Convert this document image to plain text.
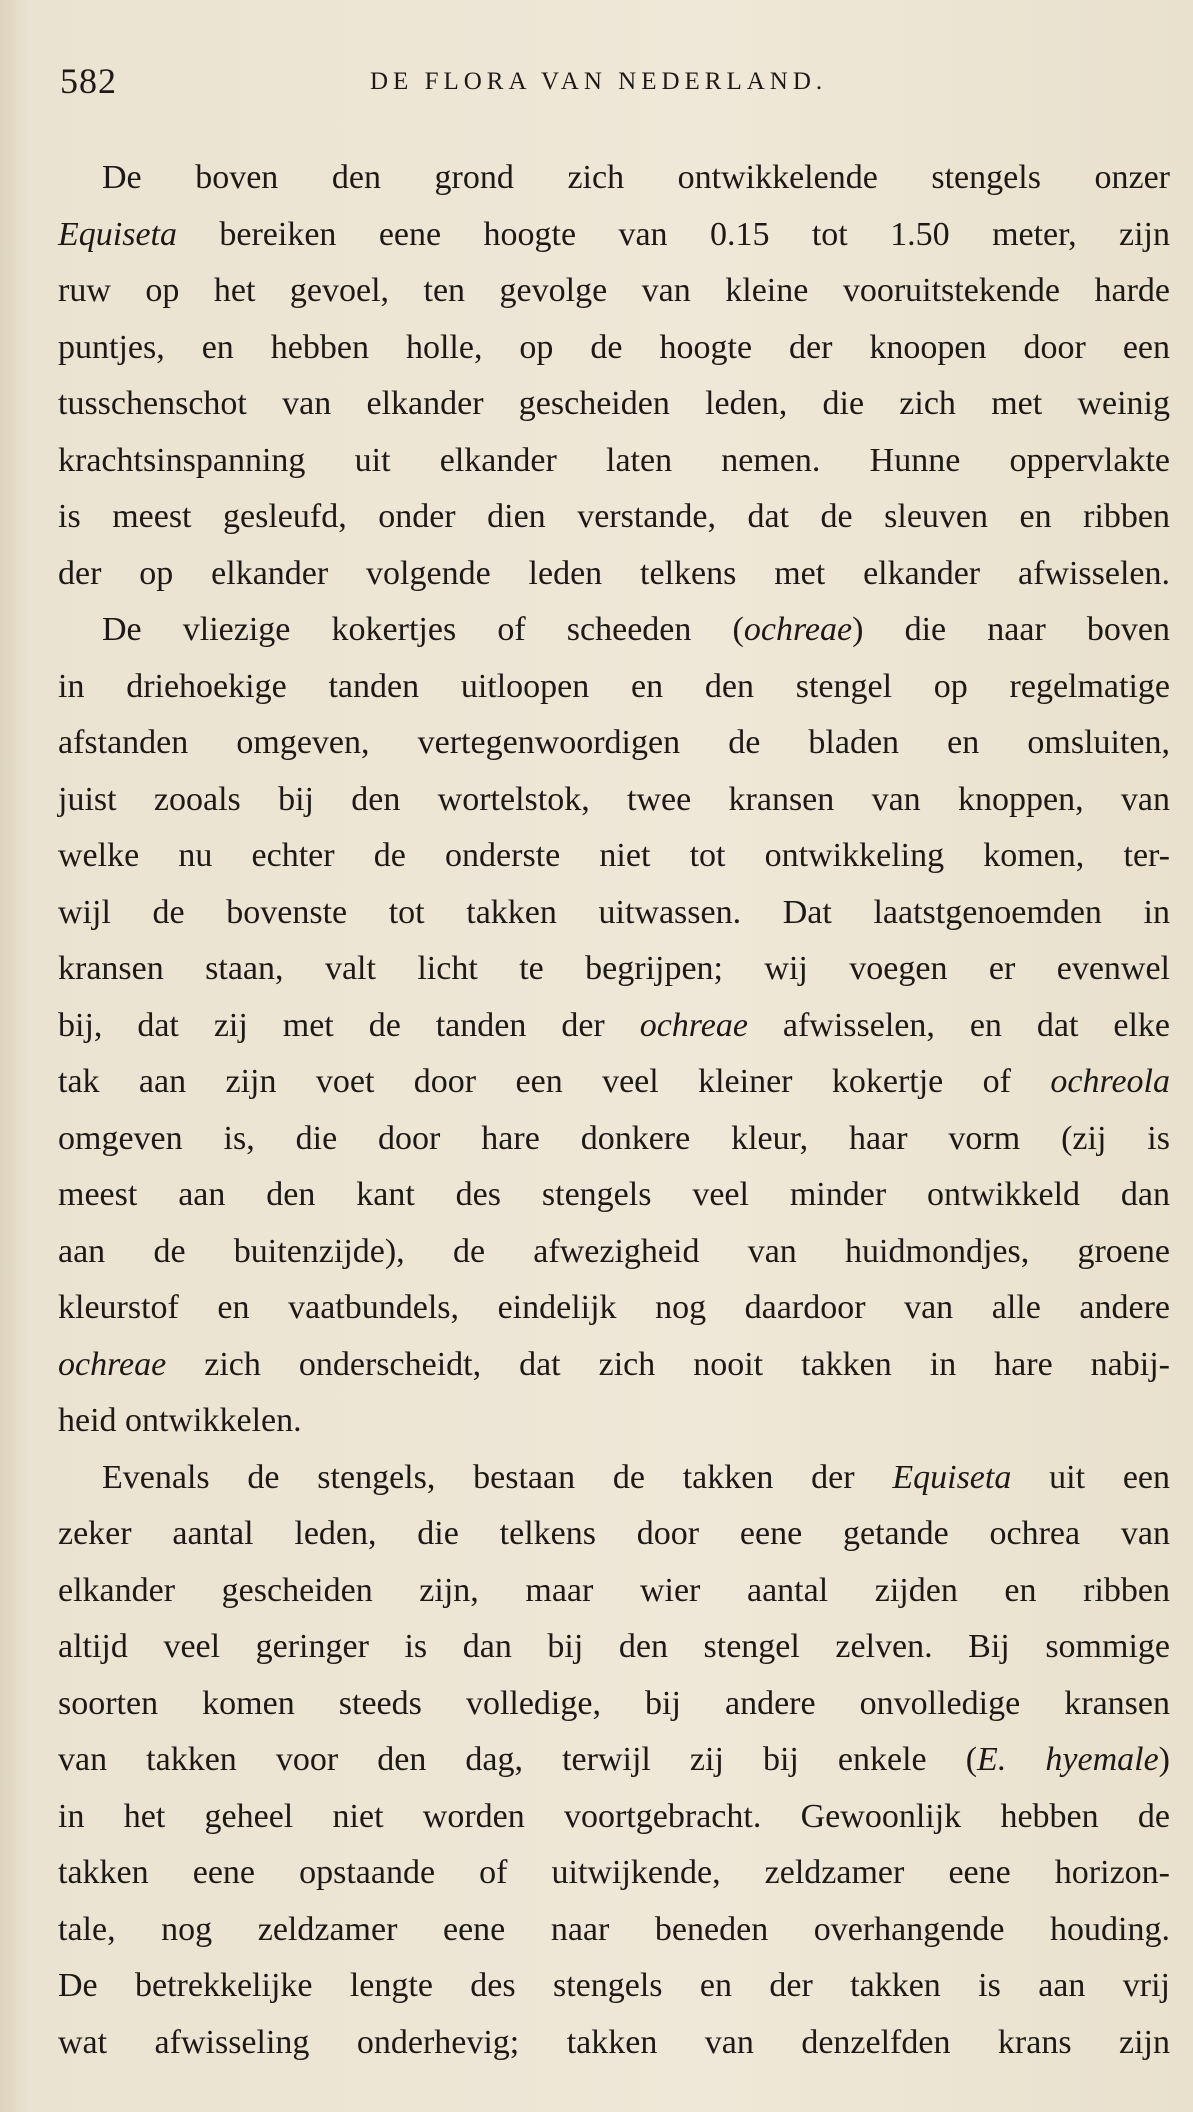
582	DE FLORA VAN NEDERLAND.
De boven den grond zich ontwikkelende stengels onzer
Equiseta bereiken eene hoogte van 0.15 tot 1.50 meter, zijn
ruw op het gevoel, ten gevolge van kleine vooruitstekende harde
puntjes, en hebben holle, op de hoogte der knoopen door een
tusschenschot van elkander gescheiden leden, die zich met weinig
krachtsinspanning uit elkander laten nemen. Hunne oppervlakte
is meest gesleufd, onder dien verstande, dat de sleuven en ribben
der op elkander volgende leden telkens met elkander afwisselen.
De vliezige kokertjes of scheeden (ochreae) die naar boven
in driehoekige tanden uitloopen en den stengel op regelmatige
afstanden omgeven, vertegenwoordigen de bladen en omsluiten,
juist zooals bij den wortelstok, twee kransen van knoppen, van
welke nu echter de onderste niet tot ontwikkeling komen, ter-
wijl de bovenste tot takken uitwassen. Dat laatstgenoemden in
kransen staan, valt licht te begrijpen; wij voegen er evenwel
bij, dat zij met de tanden der ochreae afwisselen, en dat elke
tak aan zijn voet door een veel kleiner kokertje of ochreola
omgeven is, die door hare donkere kleur, haar vorm (zij is
meest aan den kant des stengels veel minder ontwikkeld dan
aan de buitenzijde), de afwezigheid van huidmondjes, groene
kleurstof en vaatbundels, eindelijk nog daardoor van alle andere
ochreae zich onderscheidt, dat zich nooit takken in hare nabij-
heid ontwikkelen.
Evenals de stengels, bestaan de takken der Equiseta uit een
zeker aantal leden, die telkens door eene getande ochrea van
elkander gescheiden zijn, maar wier aantal zijden en ribben
altijd veel geringer is dan bij den stengel zelven. Bij sommige
soorten komen steeds volledige, bij andere onvolledige kransen
van takken voor den dag, terwijl zij bij enkele (E. hyemale)
in het geheel niet worden voortgebracht. Gewoonlijk hebben de
takken eene opstaande of uitwijkende, zeldzamer eene horizon-
tale, nog zeldzamer eene naar beneden overhangende houding.
De betrekkelijke lengte des stengels en der takken is aan vrij
wat afwisseling onderhevig; takken van denzelfden krans zijn
